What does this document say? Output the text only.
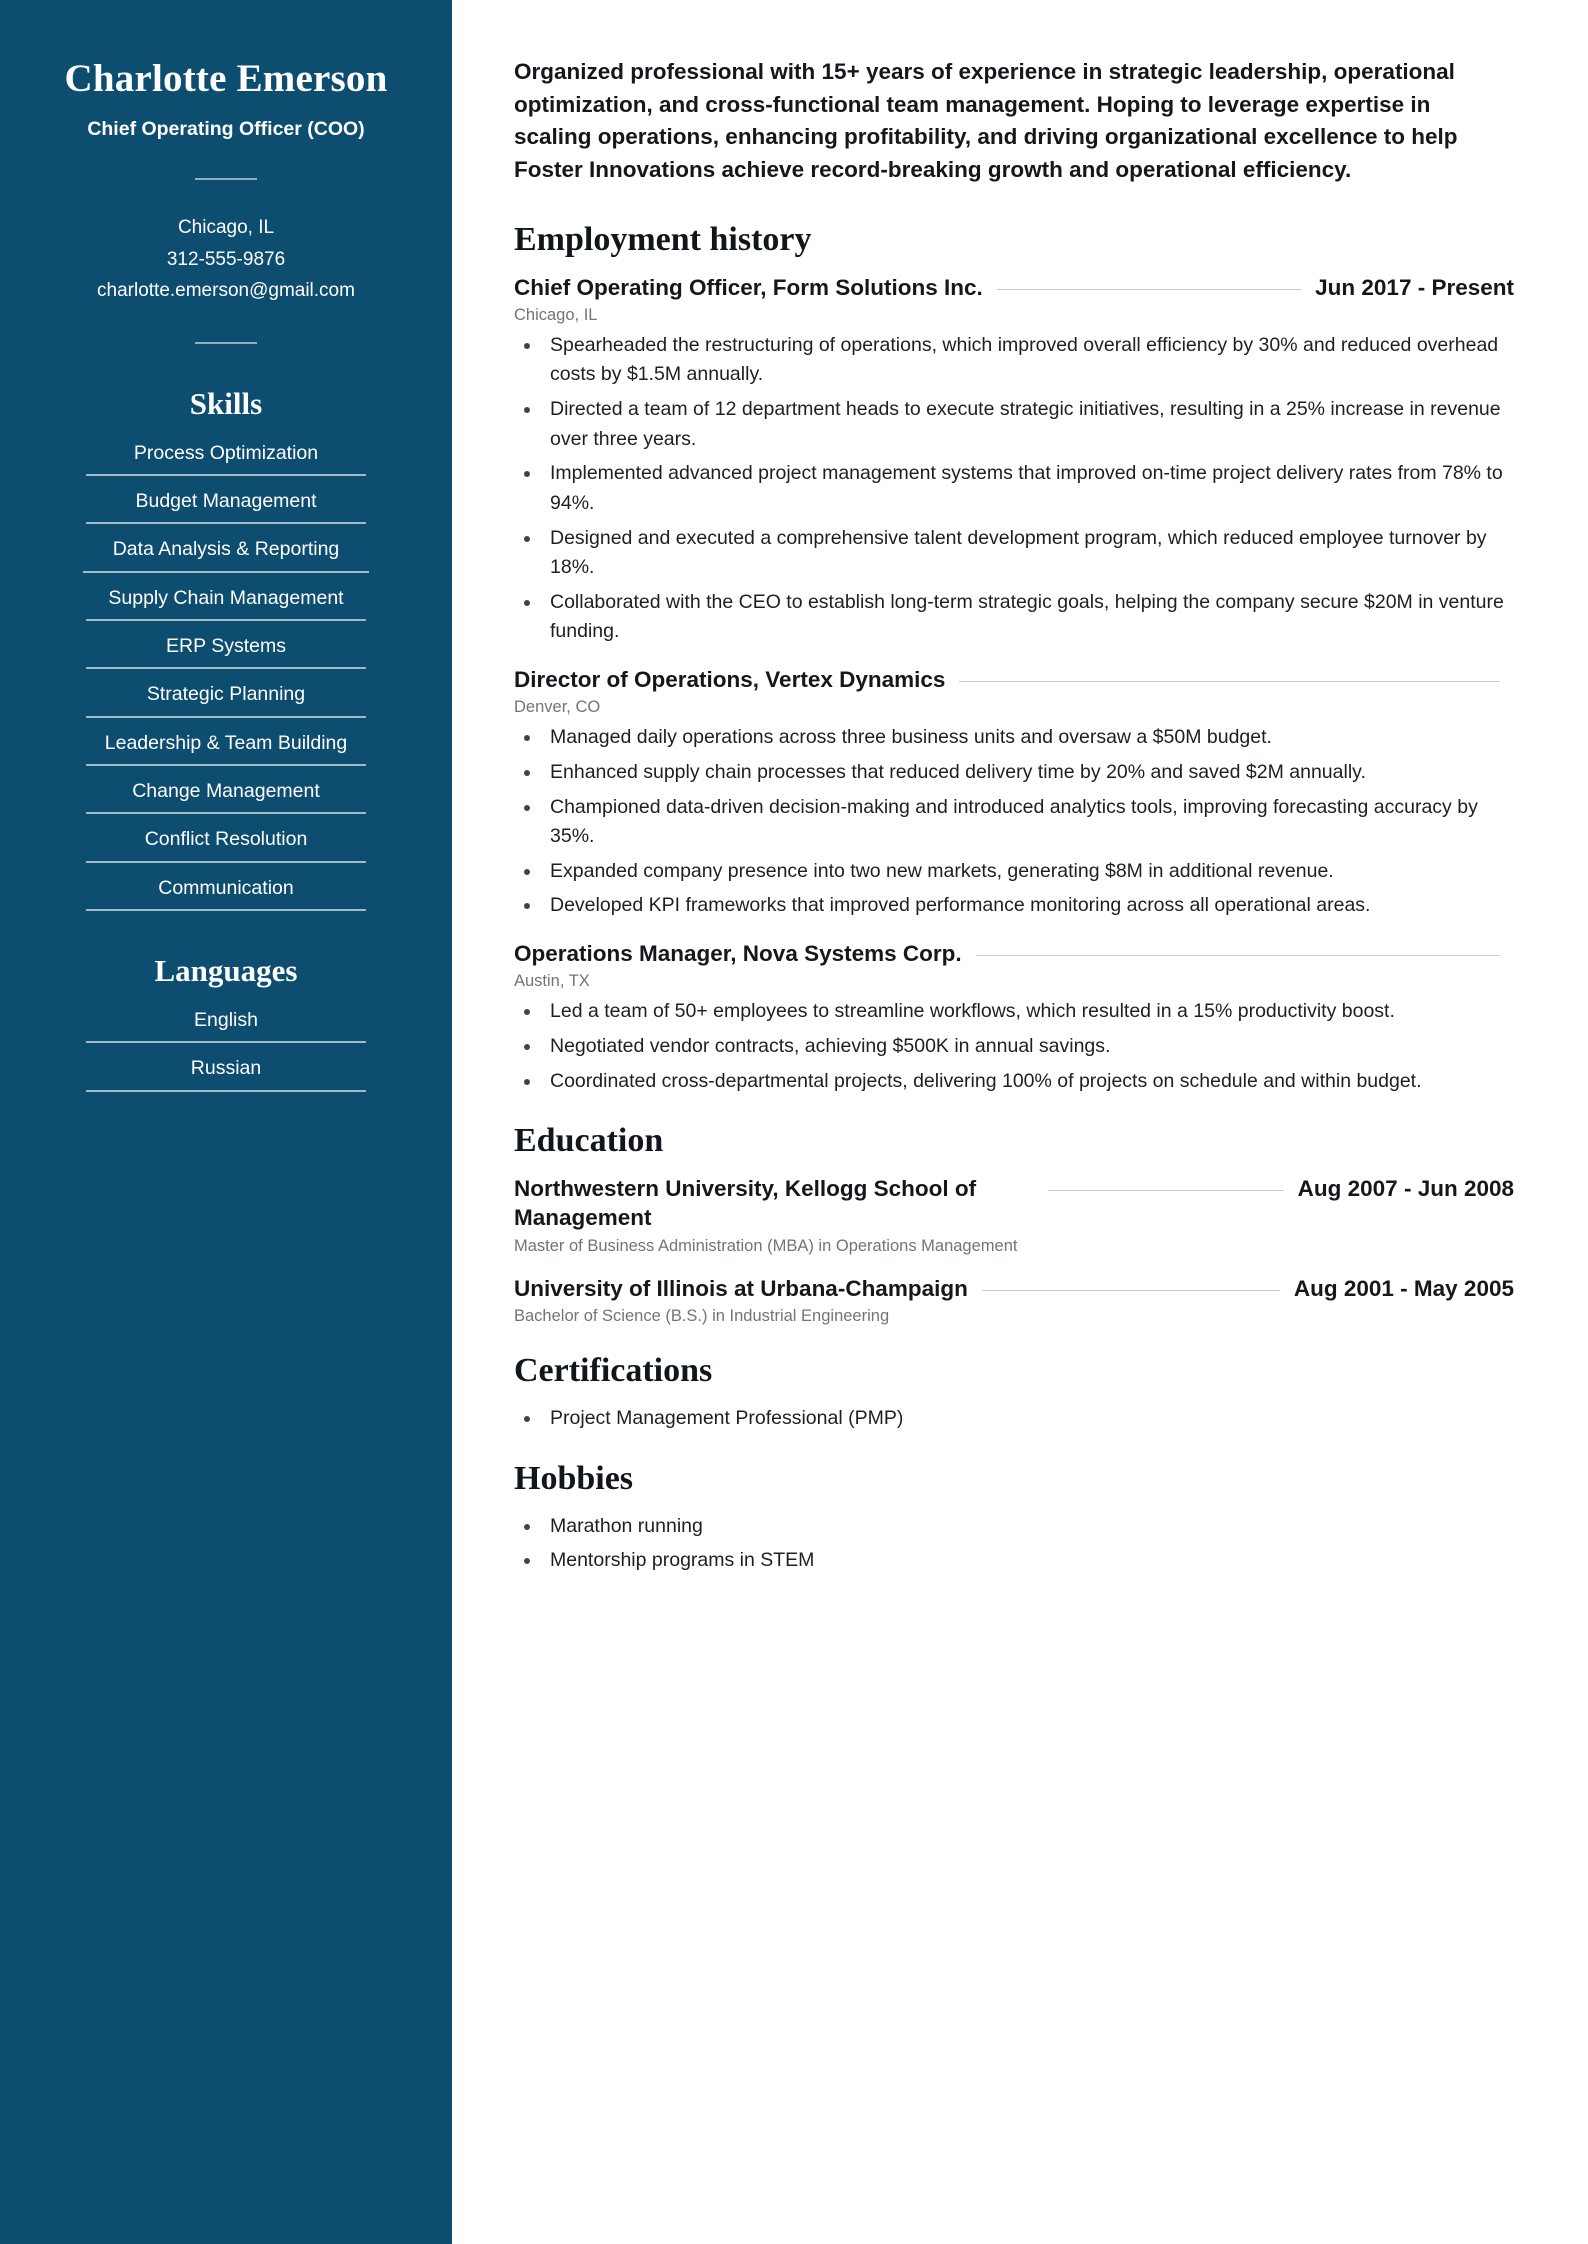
Charlotte Emerson

Chief Operating Officer (COO)

Chicago, IL

312-555-9876

charlotte.emerson@gmail.com

Skills
Process Optimization
Budget Management
Data Analysis & Reporting
Supply Chain Management
ERP Systems
Strategic Planning
Leadership & Team Building
Change Management
Conflict Resolution
Communication
Languages
English
Russian

Organized professional with 15+ years of experience in strategic leadership, operational optimization, and cross-functional team management. Hoping to leverage expertise in scaling operations, enhancing profitability, and driving organizational excellence to help Foster Innovations achieve record-breaking growth and operational efficiency.

Employment history
Chief Operating Officer, Form Solutions Inc.	Jun 2017 - Present
Chicago, IL
• Spearheaded the restructuring of operations, which improved overall efficiency by 30% and reduced overhead costs by $1.5M annually.
• Directed a team of 12 department heads to execute strategic initiatives, resulting in a 25% increase in revenue over three years.
• Implemented advanced project management systems that improved on-time project delivery rates from 78% to 94%.
• Designed and executed a comprehensive talent development program, which reduced employee turnover by 18%.
• Collaborated with the CEO to establish long-term strategic goals, helping the company secure $20M in venture funding.
Director of Operations, Vertex Dynamics
Denver, CO
• Managed daily operations across three business units and oversaw a $50M budget.
• Enhanced supply chain processes that reduced delivery time by 20% and saved $2M annually.
• Championed data-driven decision-making and introduced analytics tools, improving forecasting accuracy by 35%.
• Expanded company presence into two new markets, generating $8M in additional revenue.
• Developed KPI frameworks that improved performance monitoring across all operational areas.
Operations Manager, Nova Systems Corp.
Austin, TX
• Led a team of 50+ employees to streamline workflows, which resulted in a 15% productivity boost.
• Negotiated vendor contracts, achieving $500K in annual savings.
• Coordinated cross-departmental projects, delivering 100% of projects on schedule and within budget.
Education
Northwestern University, Kellogg School of Management
Aug 2007 - Jun 2008
Master of Business Administration (MBA) in Operations Management
University of Illinois at Urbana-Champaign	Aug 2001 - May 2005
Bachelor of Science (B.S.) in Industrial Engineering
Certifications
• Project Management Professional (PMP)
Hobbies
• Marathon running
• Mentorship programs in STEM
